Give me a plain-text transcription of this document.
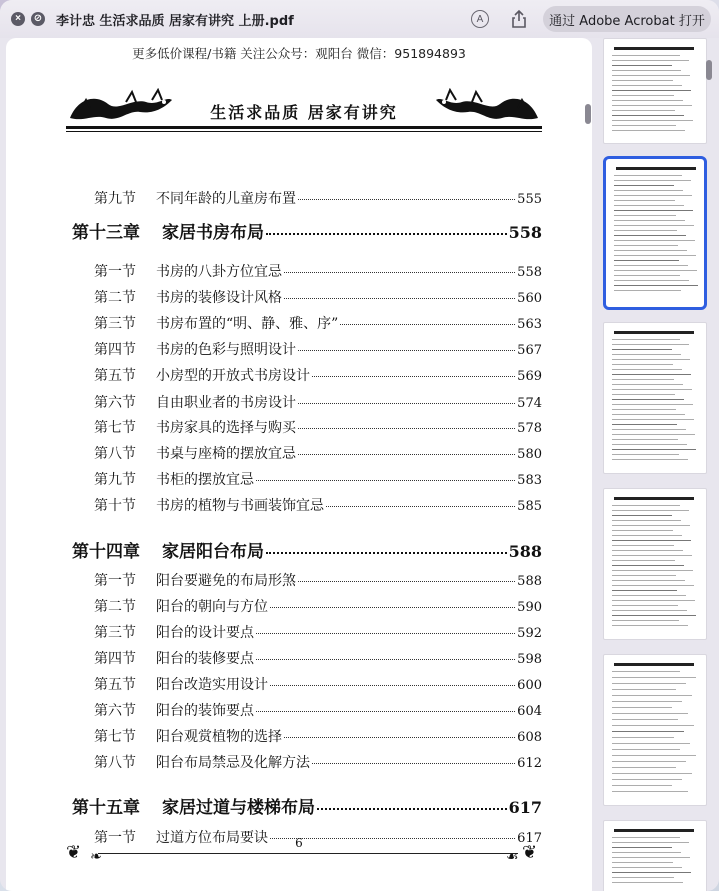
×	⊘ 李计忠 生活求品质 居家有讲究 上册.pdf	A	通过 Adobe Acrobat 打开
更多低价课程/书籍 关注公众号：观阳台 微信：951894893
生活求品质 居家有讲究
第九节	不同年龄的儿童房布置	555
第十三章	家居书房布局	558
第一节	书房的八卦方位宜忌	558
第二节	书房的装修设计风格	560
第三节	书房布置的“明、静、雅、序”	563
第四节	书房的色彩与照明设计	567
第五节	小房型的开放式书房设计	569
第六节	自由职业者的书房设计	574
第七节	书房家具的选择与购买	578
第八节	书桌与座椅的摆放宜忌	580
第九节	书柜的摆放宜忌	583
第十节	书房的植物与书画装饰宜忌	585
第十四章	家居阳台布局	588
第一节	阳台要避免的布局形煞	588
第二节	阳台的朝向与方位	590
第三节	阳台的设计要点	592
第四节	阳台的装修要点	598
第五节	阳台改造实用设计	600
第六节	阳台的装饰要点	604
第七节	阳台观赏植物的选择	608
第八节	阳台布局禁忌及化解方法	612
第十五章	家居过道与楼梯布局	617
第一节	过道方位布局要诀	617
6
❦ ❧	☙ ❦
